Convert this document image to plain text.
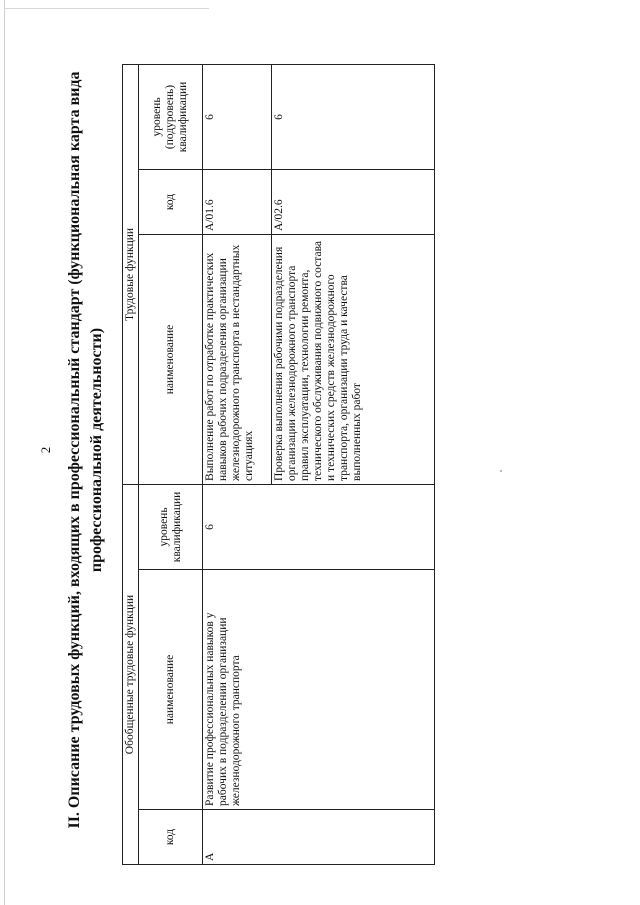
2 II. Описание трудовых функций, входящих в профессиональный стандарт (функциональная карта вида профессиональной деятельности)
Обобщенные трудовые функции			Трудовые функции		
код	наименование	уровень квалификации	наименование	код	уровень (подуровень) квалификации
А	Развитие профессиональных навыков у рабочих в подразделении организации железнодорожного транспорта	6	Выполнение работ по отработке практических навыков рабочих подразделения организации железнодорожного транспорта в нестандартных ситуациях	А/01.6	6
			Проверка выполнения рабочими подразделения организации железнодорожного транспорта правил эксплуатации, технологии ремонта, технического обслуживания подвижного состава и технических средств железнодорожного транспорта, организации труда и качества выполненных работ	А/02.6	6
